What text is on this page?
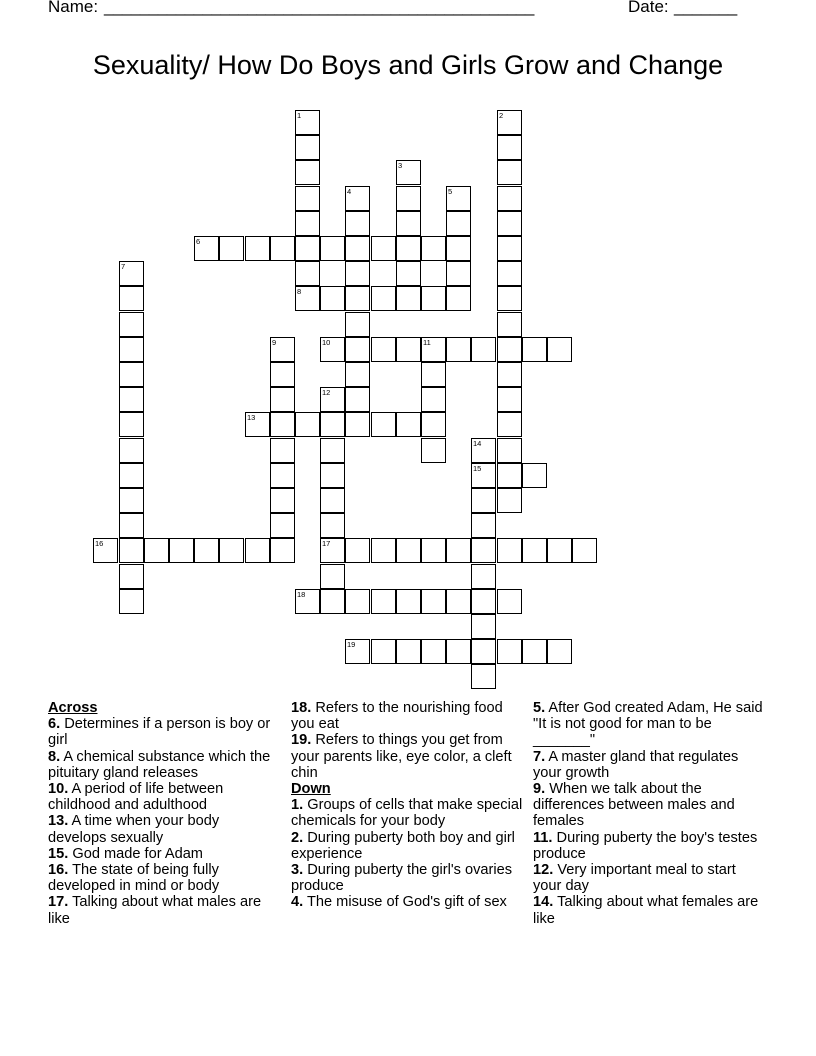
Name: ________________________________________________	Date: _______
Sexuality/ How Do Boys and Girls Grow and Change
1	2
3
4	5
6
7
8
9	10	11
12
17
13
14
15
16
18
19

Across

6. Determines if a person is boy or girl

8. A chemical substance which the pituitary gland releases

10. A period of life between childhood and adulthood

13. A time when your body develops sexually

15. God made for Adam

16. The state of being fully developed in mind or body

17. Talking about what males are like

18. Refers to the nourishing food you eat

19. Refers to things you get from your parents like, eye color, a cleft chin

Down

1. Groups of cells that make special chemicals for your body

2. During puberty both boy and girl experience

3. During puberty the girl's ovaries produce

4. The misuse of God's gift of sex

5. After God created Adam, He said "It is not good for man to be _______"

7. A master gland that regulates your growth

9. When we talk about the differences between males and females

11. During puberty the boy's testes produce

12. Very important meal to start your day

14. Talking about what females are like
